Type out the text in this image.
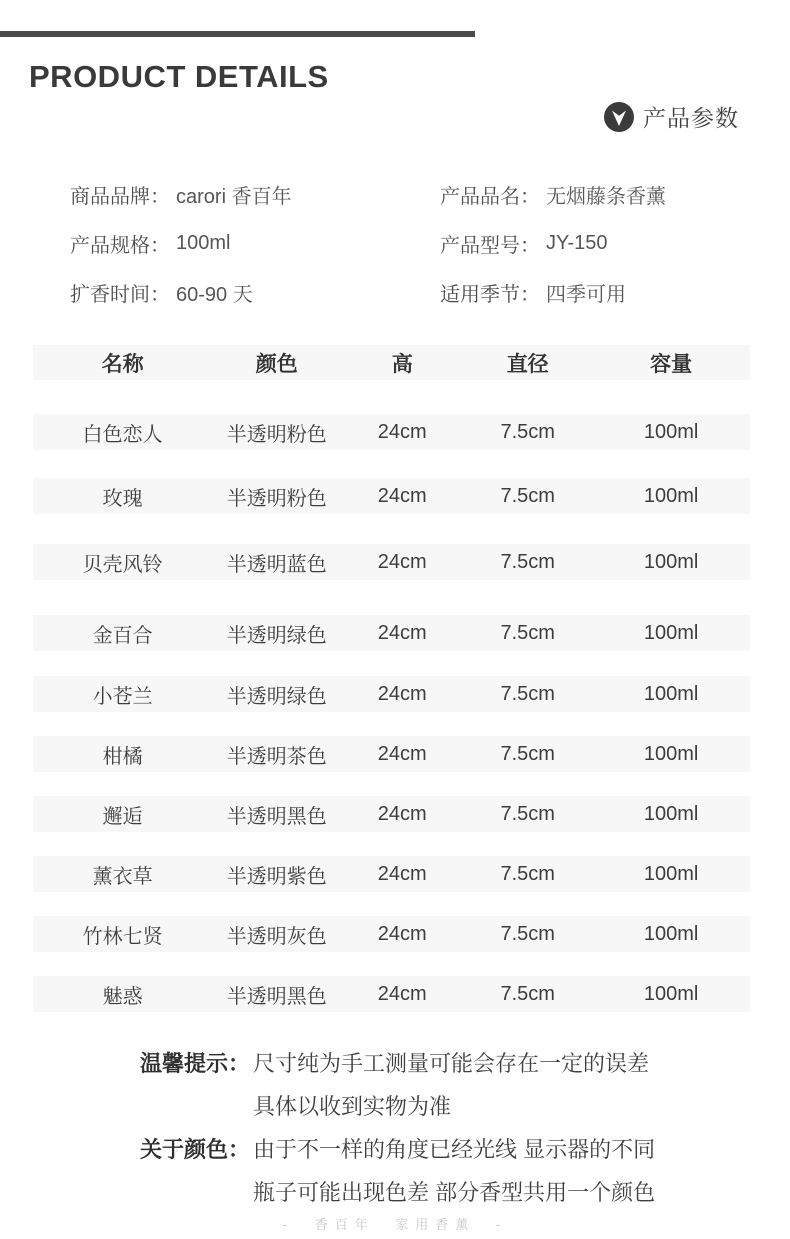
PRODUCT DETAILS
产品参数
商品品牌： carori 香百年	产品品名： 无烟藤条香薰
产品规格： 100ml	产品型号： JY-150
扩香时间： 60-90 天	适用季节： 四季可用
名称	颜色	高	直径	容量
白色恋人	半透明粉色	24cm	7.5cm	100ml
玫瑰	半透明粉色	24cm	7.5cm	100ml
贝壳风铃	半透明蓝色	24cm	7.5cm	100ml
金百合	半透明绿色	24cm	7.5cm	100ml
小苍兰	半透明绿色	24cm	7.5cm	100ml
柑橘	半透明茶色	24cm	7.5cm	100ml
邂逅	半透明黑色	24cm	7.5cm	100ml
薰衣草	半透明紫色	24cm	7.5cm	100ml
竹林七贤	半透明灰色	24cm	7.5cm	100ml
魅惑	半透明黑色	24cm	7.5cm	100ml
温馨提示： 尺寸纯为手工测量可能会存在一定的误差
具体以收到实物为准
关于颜色： 由于不一样的角度已经光线 显示器的不同
瓶子可能出现色差 部分香型共用一个颜色
- 香百年 家用香薰 -
